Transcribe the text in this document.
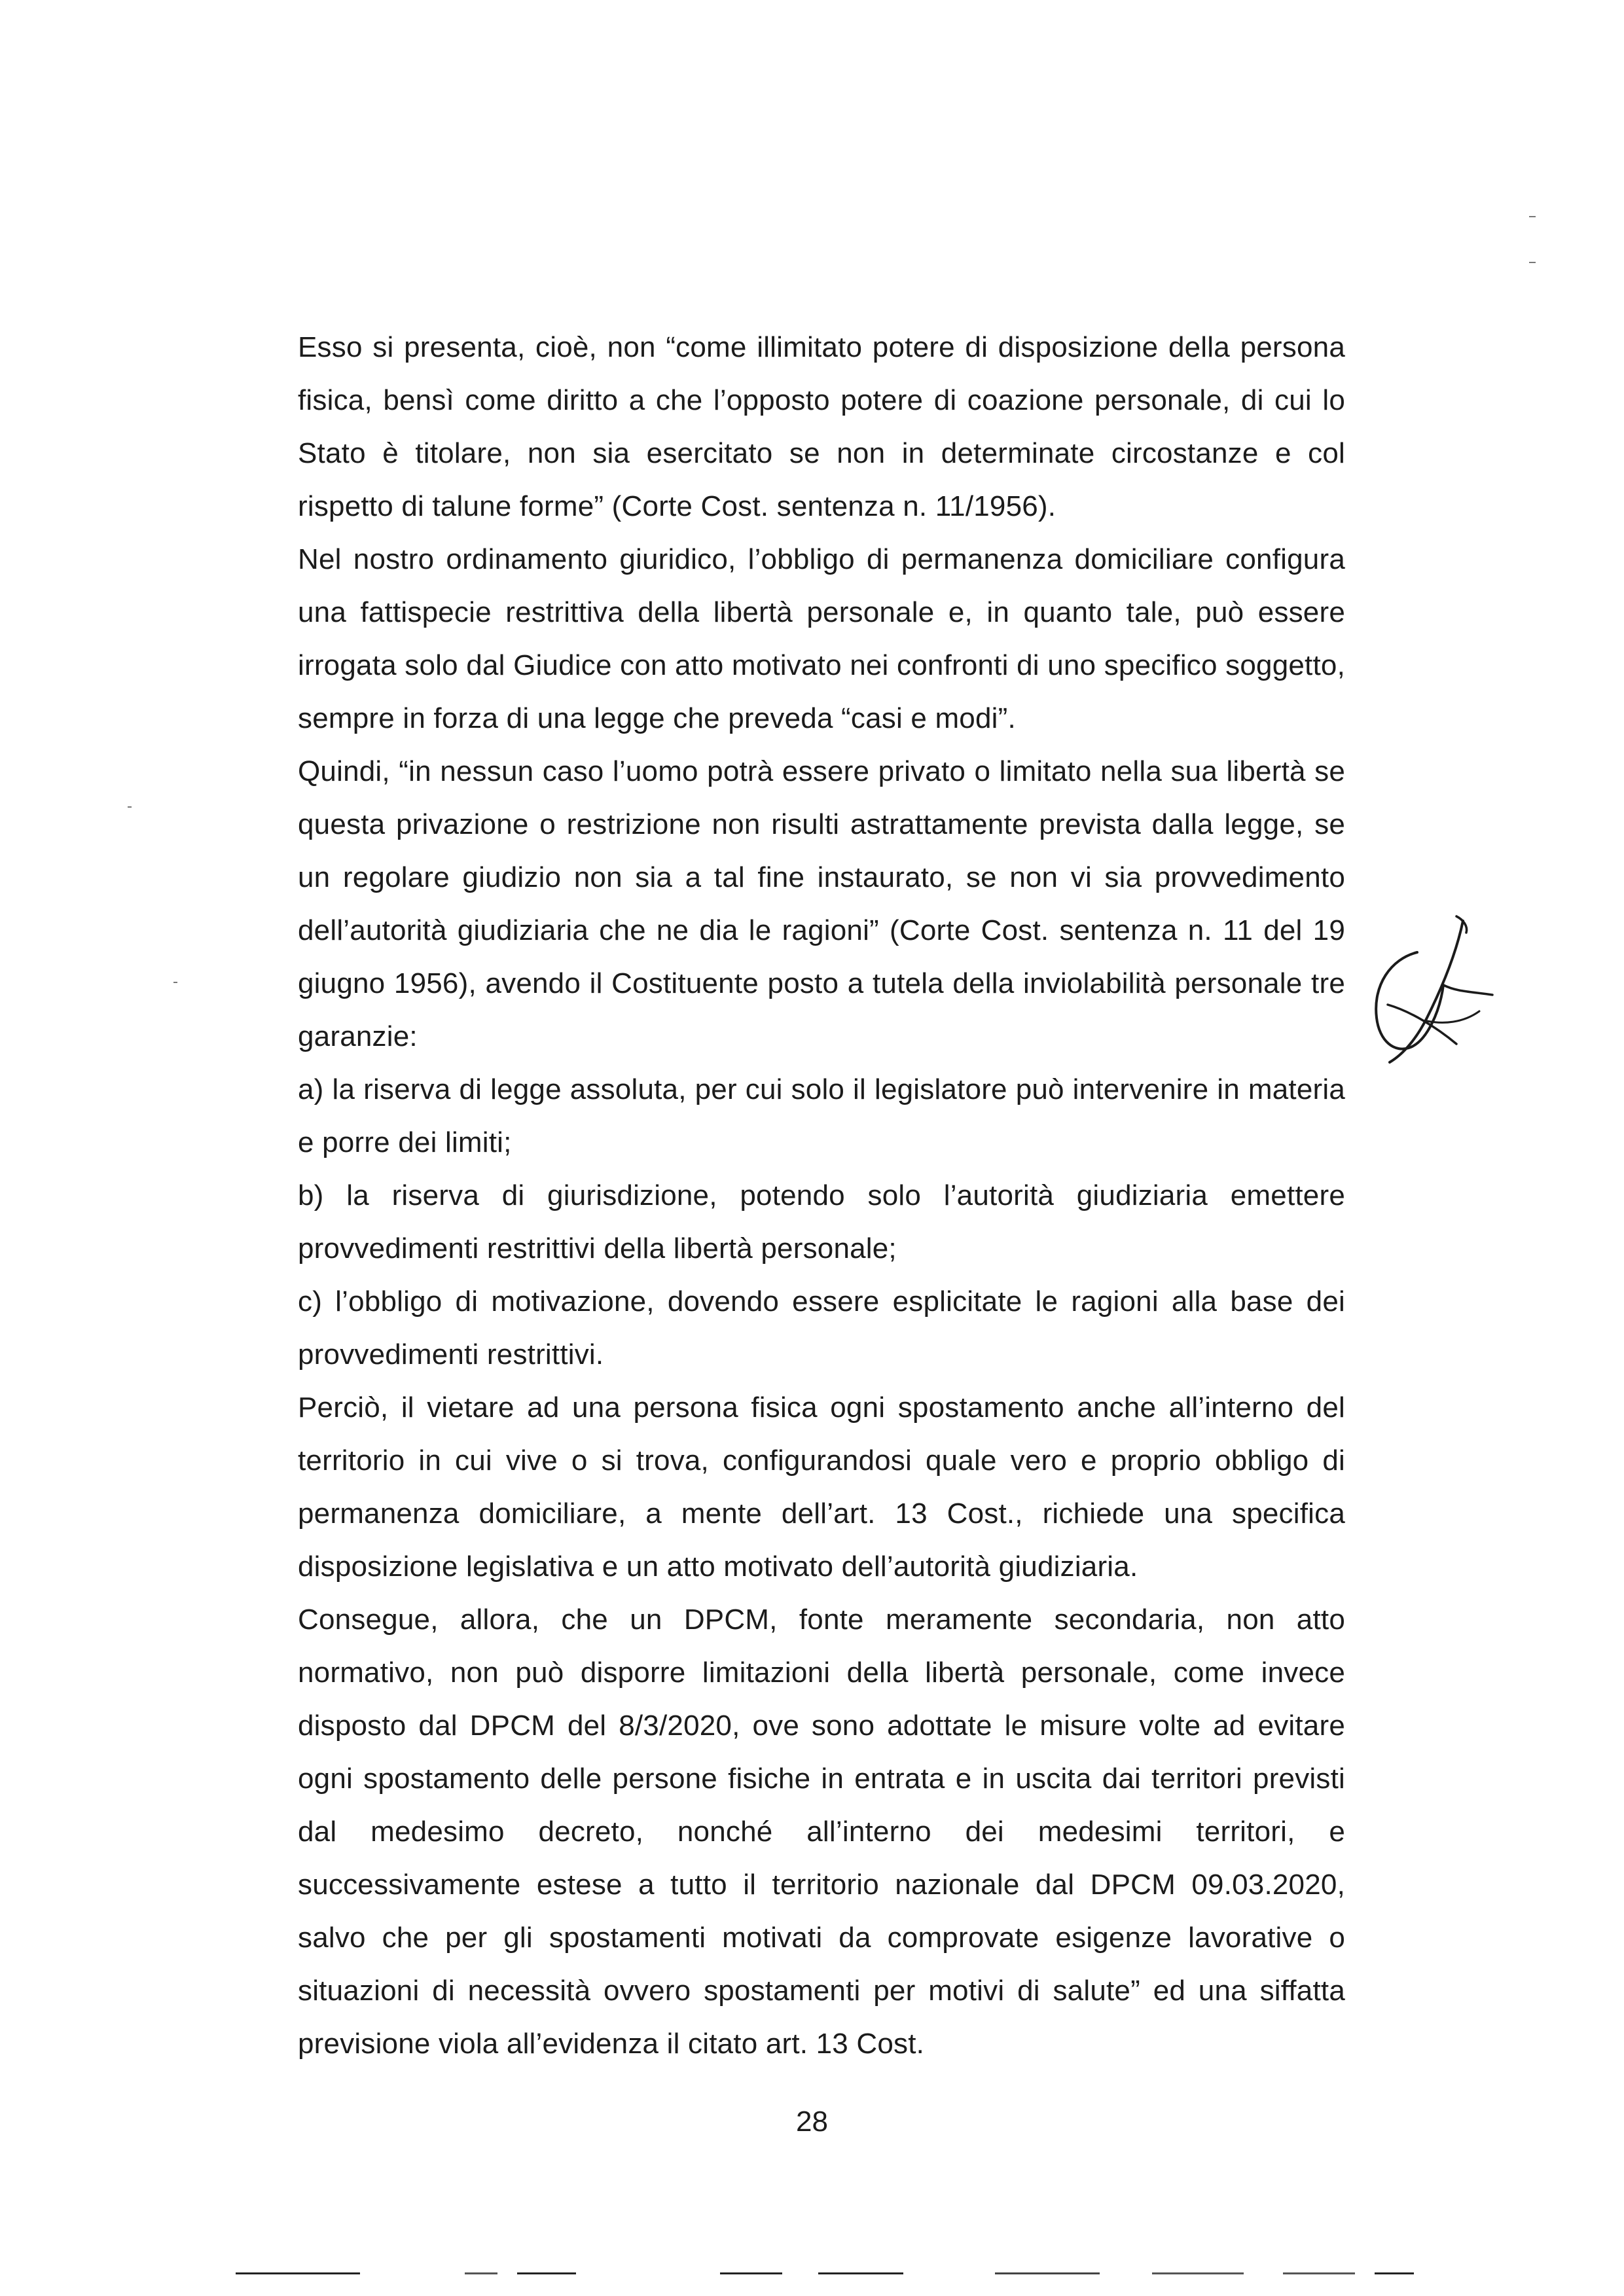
Esso si presenta, cioè, non “come illimitato potere di disposizione della persona fisica, bensì come diritto a che l’opposto potere di coazione personale, di cui lo Stato è titolare, non sia esercitato se non in determinate circostanze e col rispetto di talune forme” (Corte Cost. sentenza n. 11/1956).

Nel nostro ordinamento giuridico, l’obbligo di permanenza domiciliare configura una fattispecie restrittiva della libertà personale e, in quanto tale, può essere irrogata solo dal Giudice con atto motivato nei confronti di uno specifico soggetto, sempre in forza di una legge che preveda “casi e modi”.

Quindi, “in nessun caso l’uomo potrà essere privato o limitato nella sua libertà se questa privazione o restrizione non risulti astrattamente prevista dalla legge, se un regolare giudizio non sia a tal fine instaurato, se non vi sia provvedimento dell’autorità giudiziaria che ne dia le ragioni” (Corte Cost. sentenza n. 11 del 19 giugno 1956), avendo il Costituente posto a tutela della inviolabilità personale tre garanzie:

a) la riserva di legge assoluta, per cui solo il legislatore può intervenire in materia e porre dei limiti;

b) la riserva di giurisdizione, potendo solo l’autorità giudiziaria emettere provvedimenti restrittivi della libertà personale;

c) l’obbligo di motivazione, dovendo essere esplicitate le ragioni alla base dei provvedimenti restrittivi.

Perciò, il vietare ad una persona fisica ogni spostamento anche all’interno del territorio in cui vive o si trova, configurandosi quale vero e proprio obbligo di permanenza domiciliare, a mente dell’art. 13 Cost., richiede una specifica disposizione legislativa e un atto motivato dell’autorità giudiziaria.

Consegue, allora, che un DPCM, fonte meramente secondaria, non atto normativo, non può disporre limitazioni della libertà personale, come invece disposto dal DPCM del 8/3/2020, ove sono adottate le misure volte ad evitare ogni spostamento delle persone fisiche in entrata e in uscita dai territori previsti dal medesimo decreto, nonché all’interno dei medesimi territori, e successivamente estese a tutto il territorio nazionale dal DPCM 09.03.2020, salvo che per gli spostamenti motivati da comprovate esigenze lavorative o situazioni di necessità ovvero spostamenti per motivi di salute” ed una siffatta previsione viola all’evidenza il citato art. 13 Cost.

28
